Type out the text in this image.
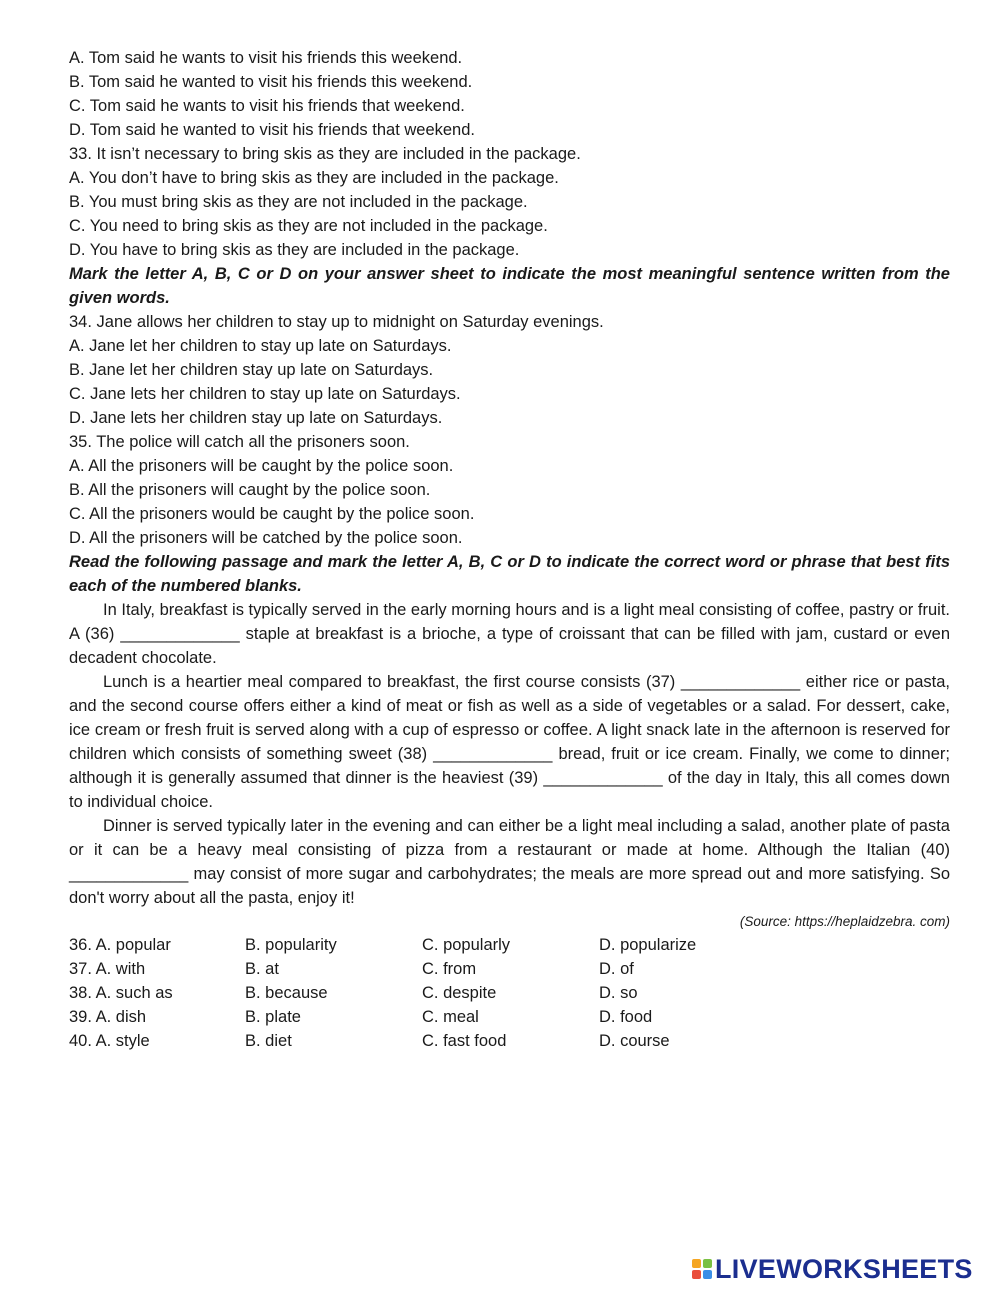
A. Tom said he wants to visit his friends this weekend.

B. Tom said he wanted to visit his friends this weekend.

C. Tom said he wants to visit his friends that weekend.

D. Tom said he wanted to visit his friends that weekend.

33. It isn’t necessary to bring skis as they are included in the package.

A. You don’t have to bring skis as they are included in the package.

B. You must bring skis as they are not included in the package.

C. You need to bring skis as they are not included in the package.

D. You have to bring skis as they are included in the package.

Mark the letter A, B, C or D on your answer sheet to indicate the most meaningful sentence written from the given words.

34. Jane allows her children to stay up to midnight on Saturday evenings.

A. Jane let her children to stay up late on Saturdays.

B. Jane let her children stay up late on Saturdays.

C. Jane lets her children to stay up late on Saturdays.

D. Jane lets her children stay up late on Saturdays.

35. The police will catch all the prisoners soon.

A. All the prisoners will be caught by the police soon.

B. All the prisoners will caught by the police soon.

C. All the prisoners would be caught by the police soon.

D. All the prisoners will be catched by the police soon.

Read the following passage and mark the letter A, B, C or D to indicate the correct word or phrase that best fits each of the numbered blanks.

In Italy, breakfast is typically served in the early morning hours and is a light meal consisting of coffee, pastry or fruit. A (36) _____________ staple at breakfast is a brioche, a type of croissant that can be filled with jam, custard or even decadent chocolate.

Lunch is a heartier meal compared to breakfast, the first course consists (37) _____________ either rice or pasta, and the second course offers either a kind of meat or fish as well as a side of vegetables or a salad. For dessert, cake, ice cream or fresh fruit is served along with a cup of espresso or coffee. A light snack late in the afternoon is reserved for children which consists of something sweet (38) _____________ bread, fruit or ice cream. Finally, we come to dinner; although it is generally assumed that dinner is the heaviest (39) _____________ of the day in Italy, this all comes down to individual choice.

Dinner is served typically later in the evening and can either be a light meal including a salad, another plate of pasta or it can be a heavy meal consisting of pizza from a restaurant or made at home. Although the Italian (40) _____________ may consist of more sugar and carbohydrates; the meals are more spread out and more satisfying. So don't worry about all the pasta, enjoy it!

(Source: https://heplaidzebra. com)

36. A. popular	B. popularity	C. popularly	D. popularize
37. A. with	B. at	C. from	D. of
38. A. such as	B. because	C. despite	D. so
39. A. dish	B. plate	C. meal	D. food
40. A. style	B. diet	C. fast food	D. course
LIVEWORKSHEETS
